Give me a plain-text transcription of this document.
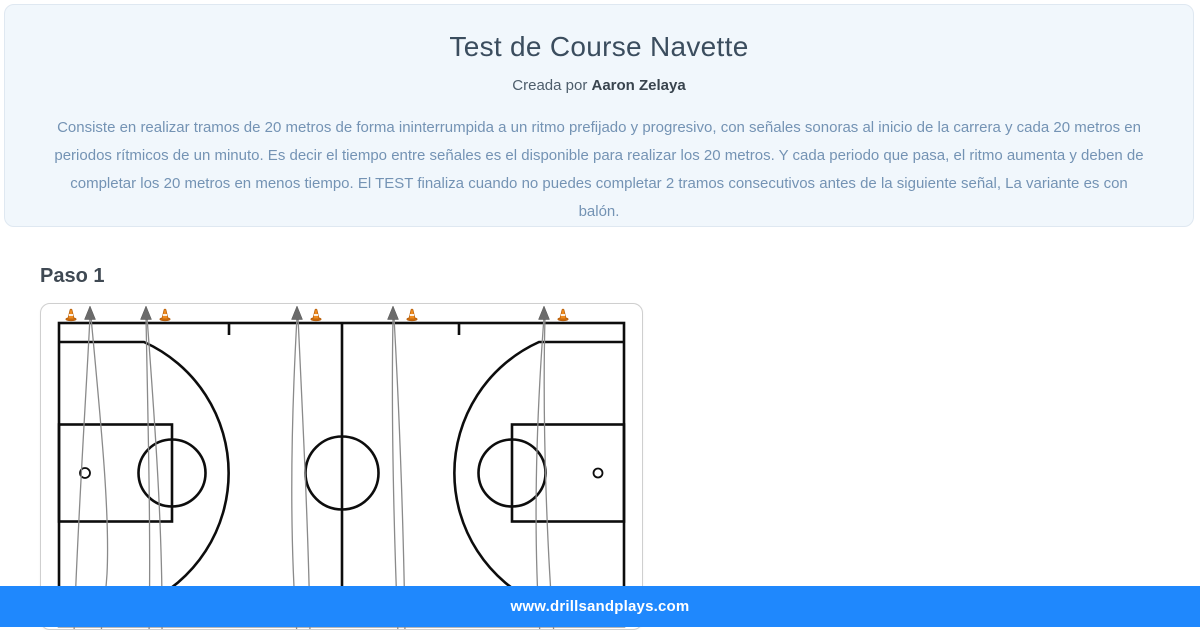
Test de Course Navette
Creada por Aaron Zelaya
Consiste en realizar tramos de 20 metros de forma ininterrumpida a un ritmo prefijado y progresivo, con señales sonoras al inicio de la carrera y cada 20 metros en periodos rítmicos de un minuto. Es decir el tiempo entre señales es el disponible para realizar los 20 metros. Y cada periodo que pasa, el ritmo aumenta y deben de completar los 20 metros en menos tiempo. El TEST finaliza cuando no puedes completar 2 tramos consecutivos antes de la siguiente señal, La variante es con balón.
Paso 1
www.drillsandplays.com
